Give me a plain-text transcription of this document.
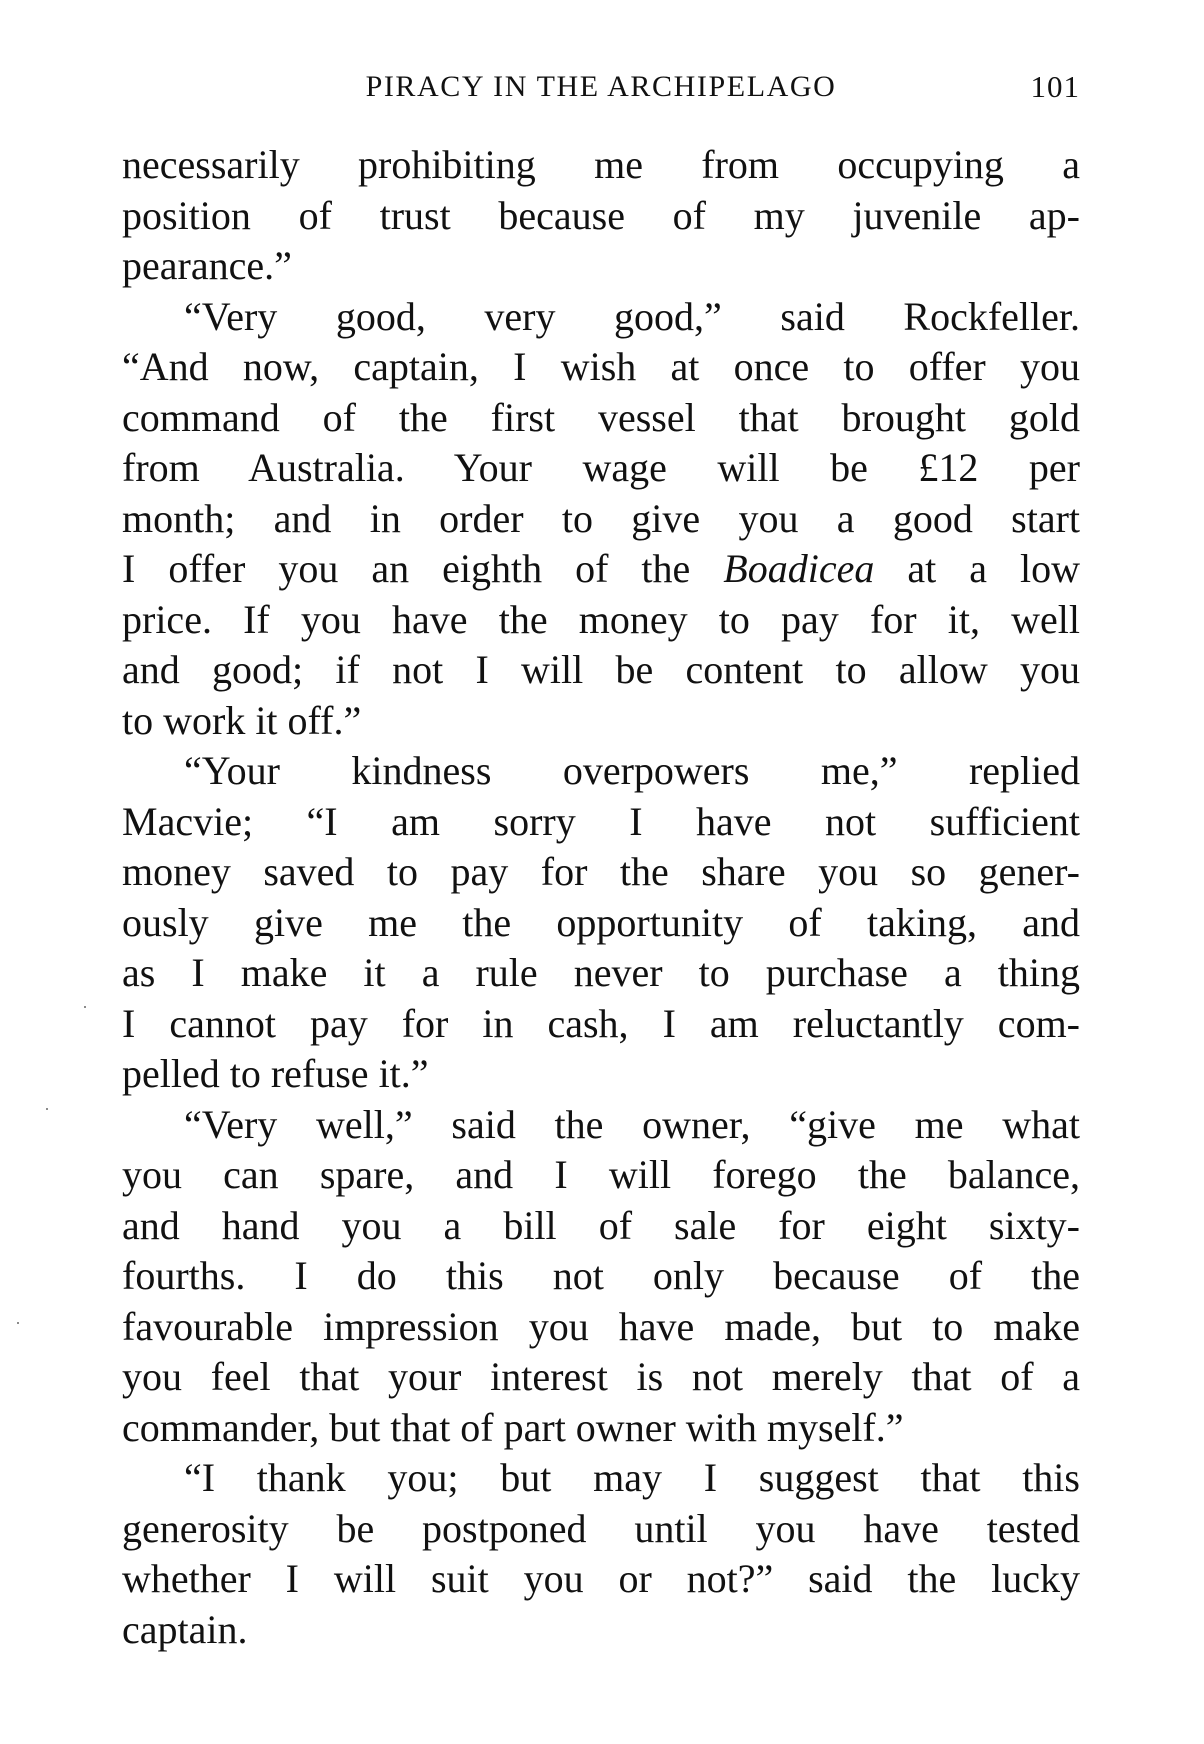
PIRACY IN THE ARCHIPELAGO	101
necessarily prohibiting me from occupying a
position of trust because of my juvenile ap-
pearance.”
“Very good, very good,” said Rockfeller.
“And now, captain, I wish at once to offer you
command of the first vessel that brought gold
from Australia. Your wage will be £12 per
month; and in order to give you a good start
I offer you an eighth of the Boadicea at a low
price. If you have the money to pay for it, well
and good; if not I will be content to allow you
to work it off.”
“Your kindness overpowers me,” replied
Macvie; “I am sorry I have not sufficient
money saved to pay for the share you so gener-
ously give me the opportunity of taking, and
as I make it a rule never to purchase a thing
I cannot pay for in cash, I am reluctantly com-
pelled to refuse it.”
“Very well,” said the owner, “give me what
you can spare, and I will forego the balance,
and hand you a bill of sale for eight sixty-
fourths. I do this not only because of the
favourable impression you have made, but to make
you feel that your interest is not merely that of a
commander, but that of part owner with myself.”
“I thank you; but may I suggest that this
generosity be postponed until you have tested
whether I will suit you or not?” said the lucky
captain.
